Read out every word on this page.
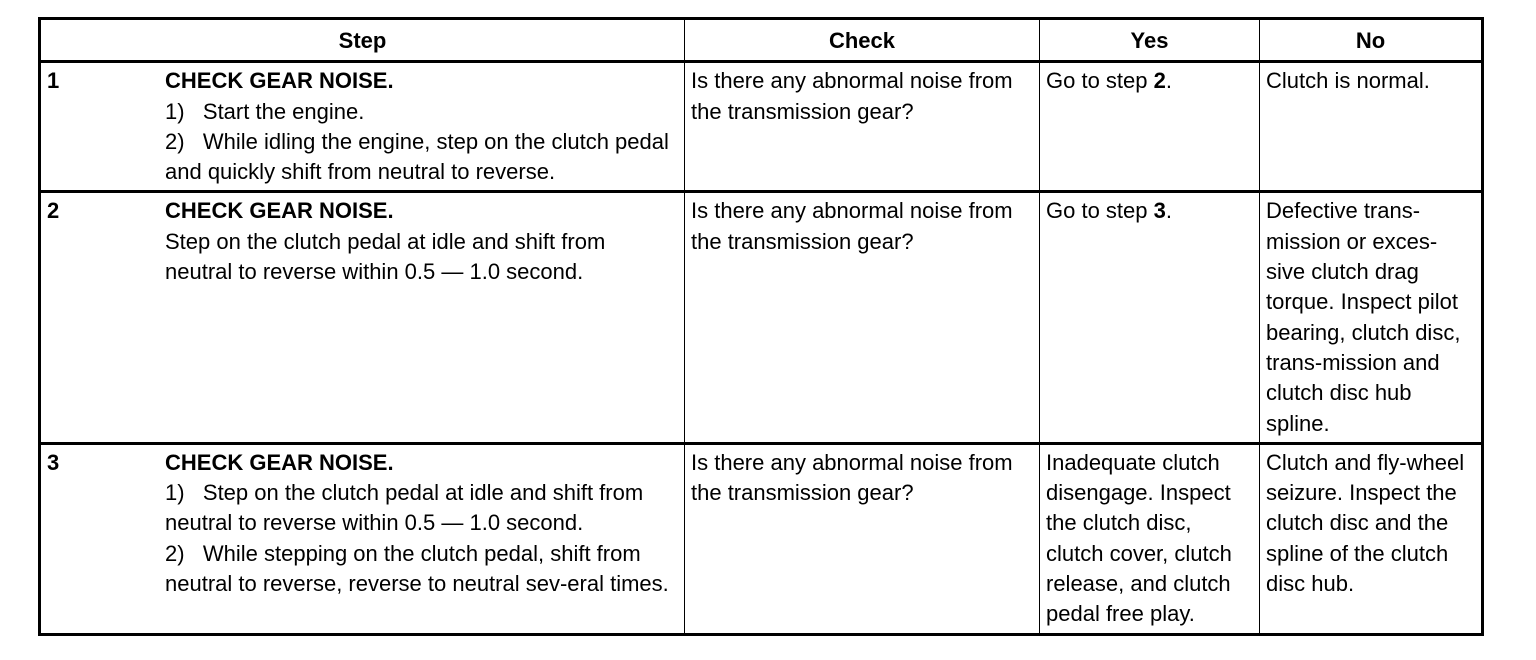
Step	Check	Yes	No

1 CHECK GEAR NOISE.
1)   Start the engine.
2)   While idling the engine, step on the clutch pedal and quickly shift from neutral to reverse.	Is there any abnormal noise from the transmission gear?	Go to step 2.	Clutch is normal.

2 CHECK GEAR NOISE.
Step on the clutch pedal at idle and shift from neutral to reverse within 0.5 — 1.0 second.	Is there any abnormal noise from the transmission gear?	Go to step 3.	Defective trans-mission or exces-sive clutch drag torque. Inspect pilot bearing, clutch disc, trans-mission and clutch disc hub spline.

3 CHECK GEAR NOISE.
1)   Step on the clutch pedal at idle and shift from neutral to reverse within 0.5 — 1.0 second.
2)   While stepping on the clutch pedal, shift from neutral to reverse, reverse to neutral sev-eral times.	Is there any abnormal noise from the transmission gear?	Inadequate clutch disengage. Inspect the clutch disc, clutch cover, clutch release, and clutch pedal free play.	Clutch and fly-wheel seizure. Inspect the clutch disc and the spline of the clutch disc hub.
